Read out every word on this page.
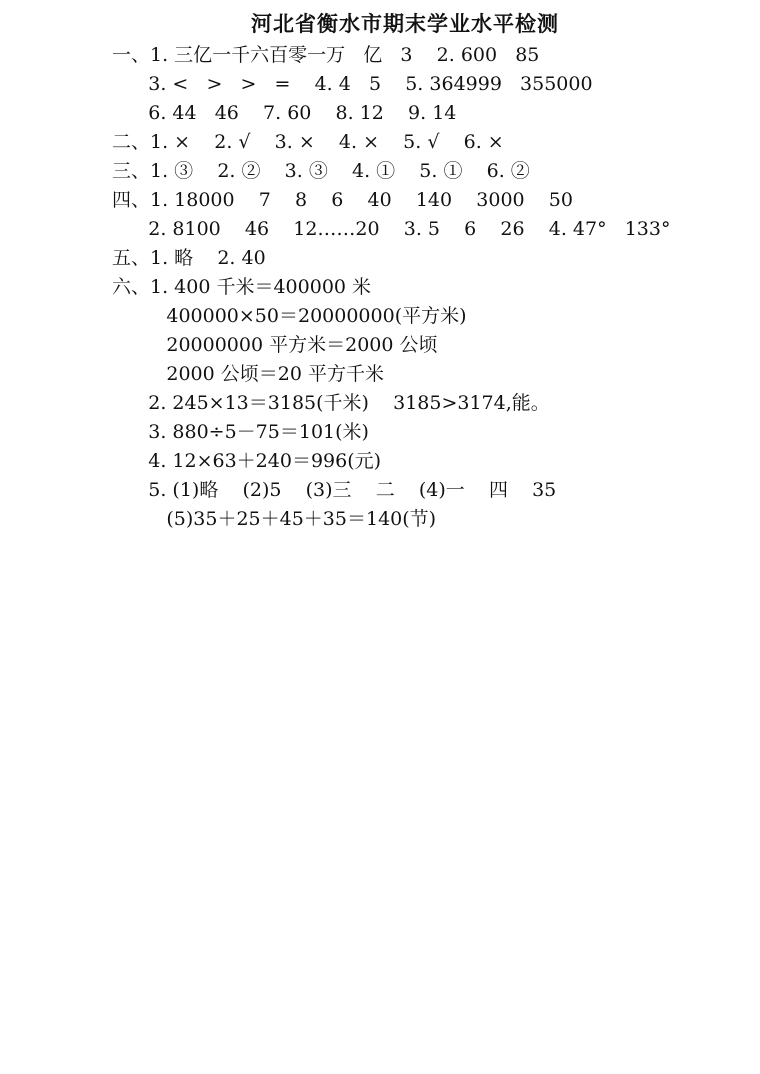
河北省衡水市期末学业水平检测
一、1. 三亿一千六百零一万   亿   3    2. 600   85
3. <   >   >   =    4. 4   5    5. 364999   355000
6. 44   46    7. 60    8. 12    9. 14
二、1. ×    2. √    3. ×    4. ×    5. √    6. ×
三、1. ③    2. ②    3. ③    4. ①    5. ①    6. ②
四、1. 18000    7    8    6    40    140    3000    50
2. 8100    46    12……20    3. 5    6    26    4. 47°   133°
五、1. 略    2. 40
六、1. 400 千米＝400000 米
400000×50＝20000000(平方米)
20000000 平方米＝2000 公顷
2000 公顷＝20 平方千米
2. 245×13＝3185(千米)    3185>3174,能。
3. 880÷5－75＝101(米)
4. 12×63＋240＝996(元)
5. (1)略    (2)5    (3)三    二    (4)一    四    35
(5)35＋25＋45＋35＝140(节)
